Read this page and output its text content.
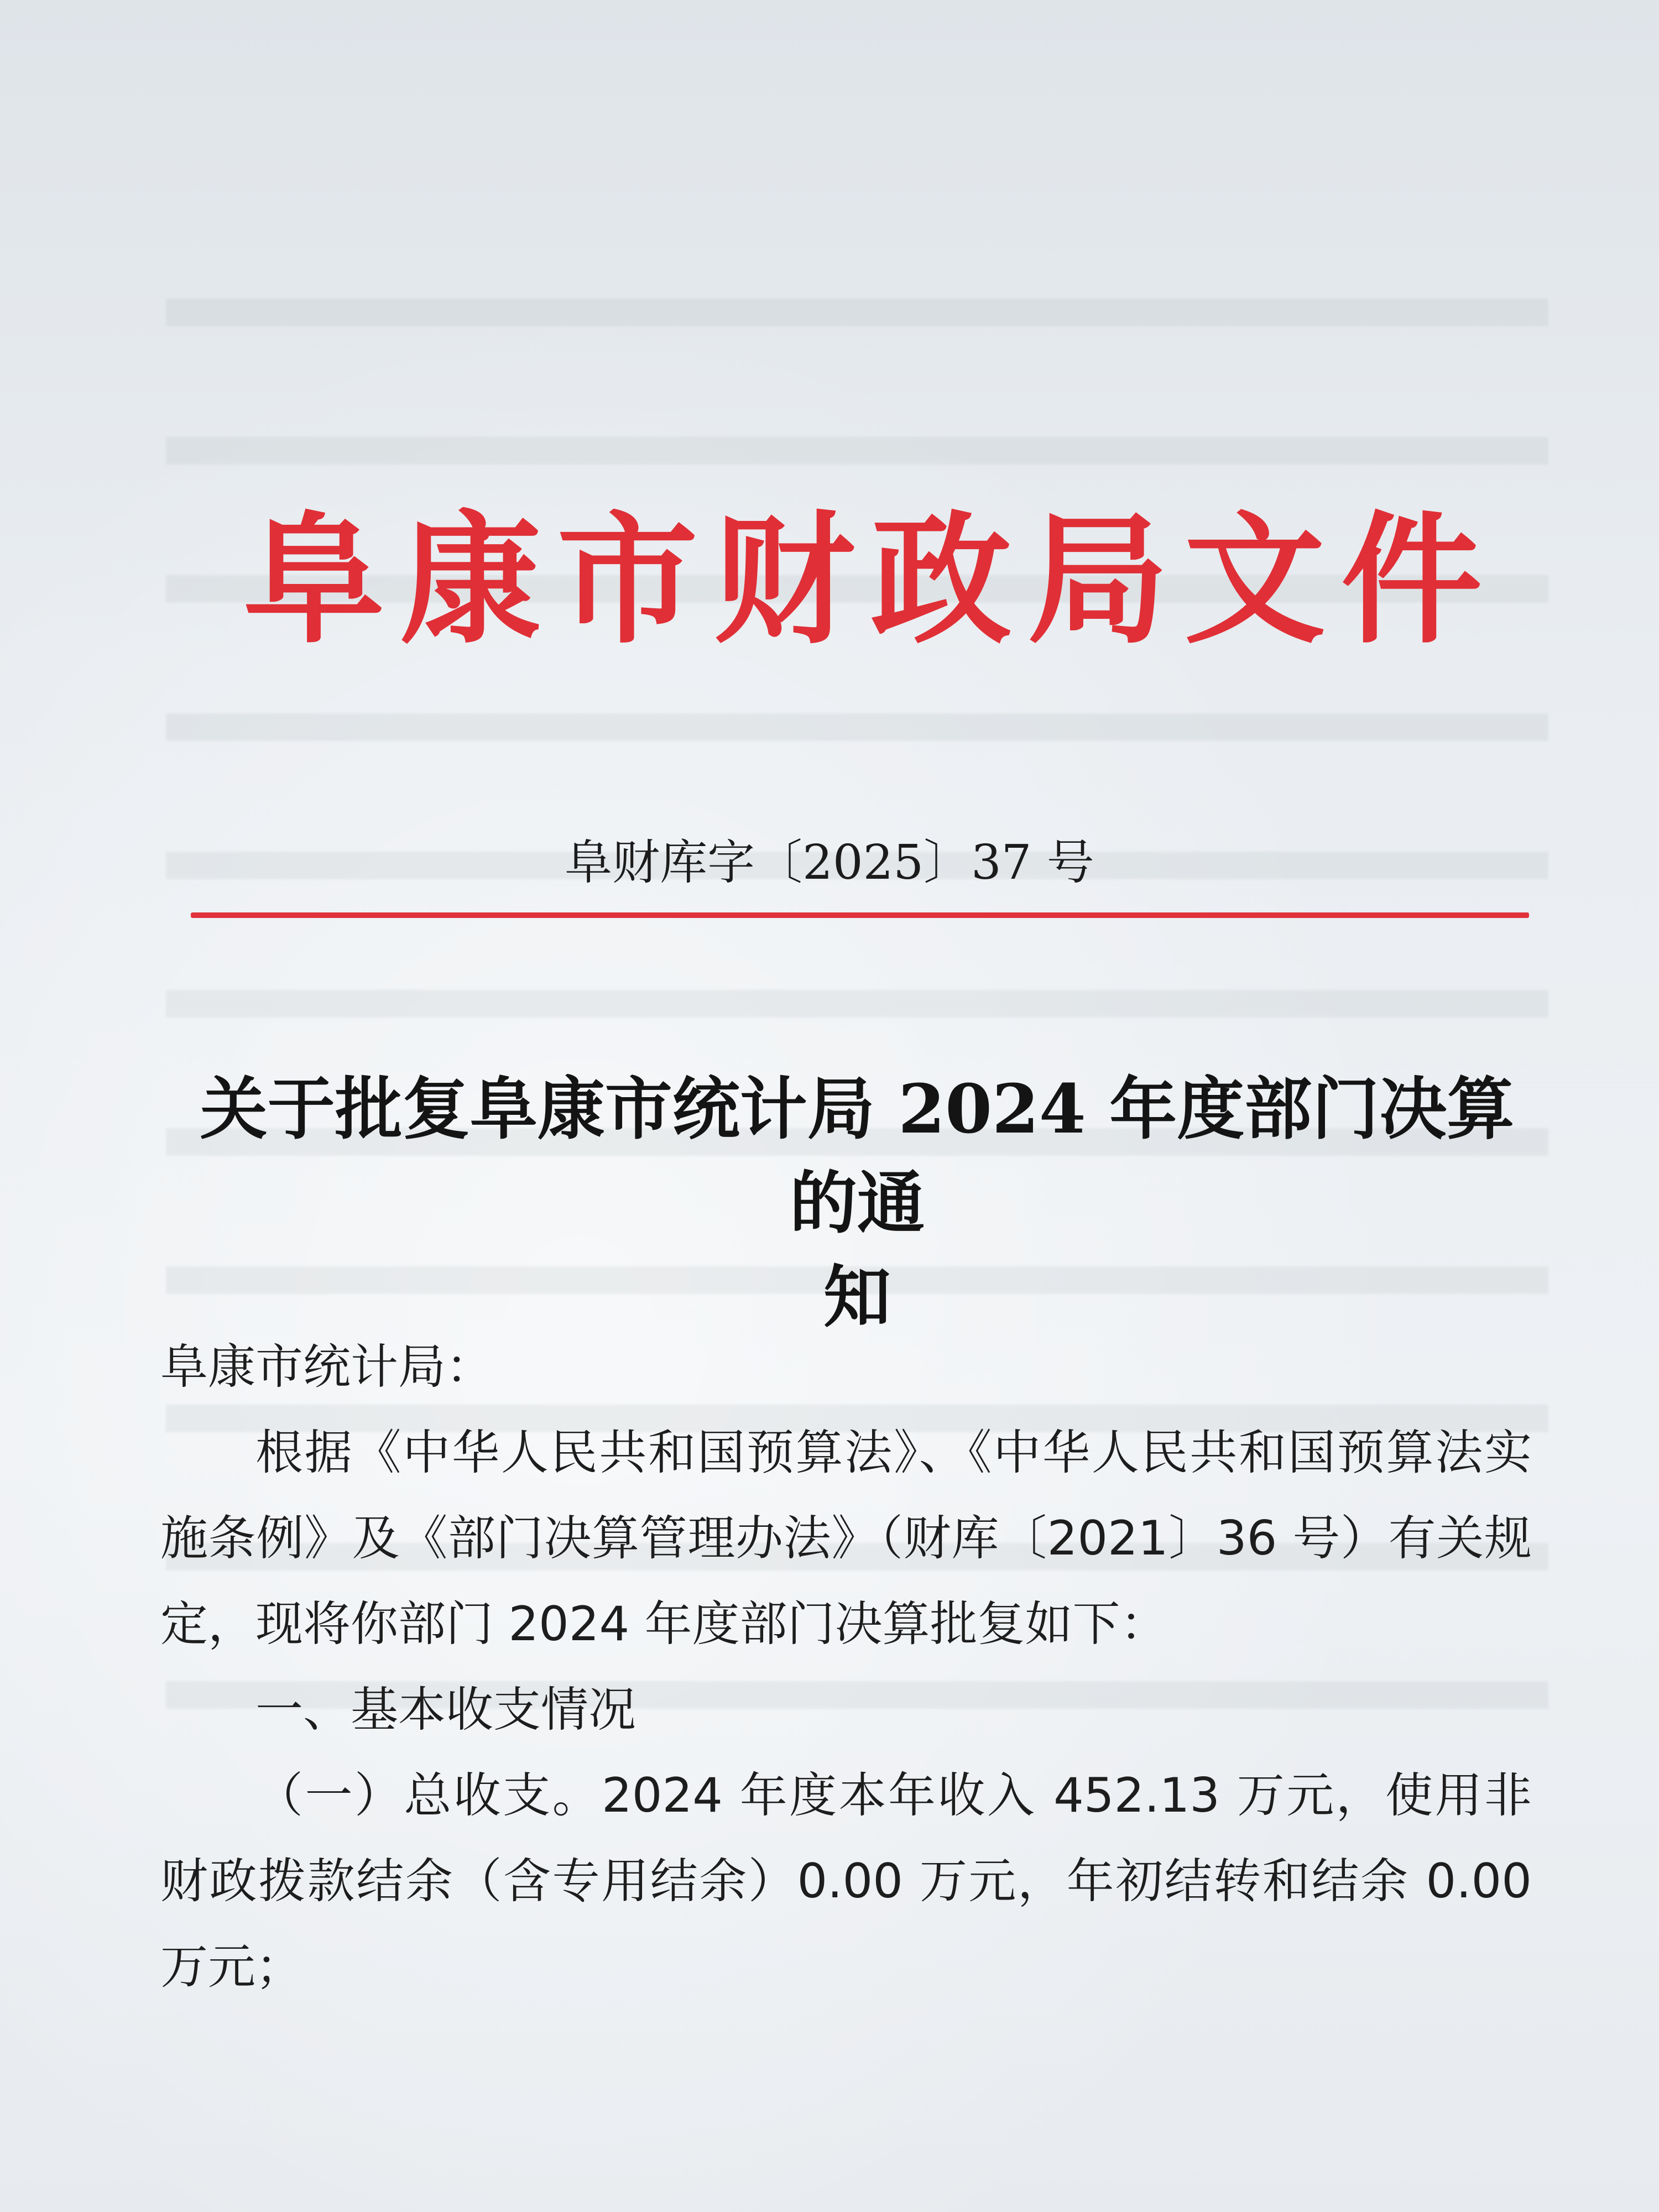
阜 康 市 财 政 局 文 件
阜财库字〔2025〕37 号
关于批复阜康市统计局 2024 年度部门决算的通
知

阜康市统计局：

根据《中华人民共和国预算法》、《中华人民共和国预算法实施条例》及《部门决算管理办法》（财库〔2021〕36 号）有关规定，现将你部门 2024 年度部门决算批复如下：

一、基本收支情况

（一）总收支。2024 年度本年收入 452.13 万元，使用非财政拨款结余（含专用结余）0.00 万元，年初结转和结余 0.00 万元；
